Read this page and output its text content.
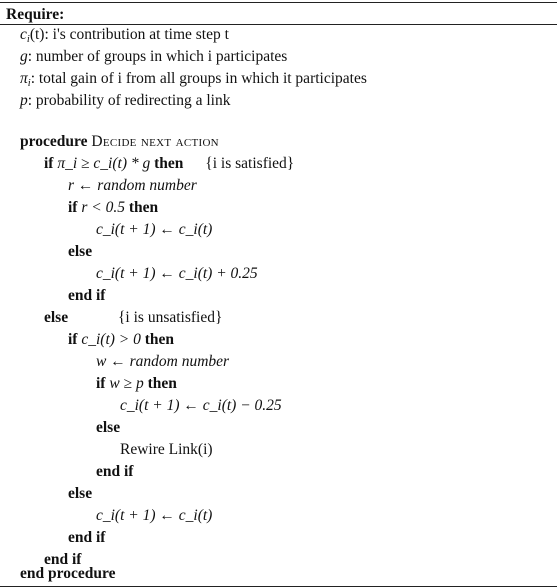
Require:
$c_i(t)$: i's contribution at time step t
g: number of groups in which i participates
$\pi_i$: total gain of i from all groups in which it participates
p: probability of redirecting a link
procedure Decide next action
if π_i ≥ c_i(t) * g then {i is satisfied}
r ← random number
if r < 0.5 then
c_i(t + 1) ← c_i(t)
else
c_i(t + 1) ← c_i(t) + 0.25
end if
else	{i is unsatisfied}
if c_i(t) > 0 then
w ← random number
if w ≥ p then
c_i(t + 1) ← c_i(t) − 0.25
else
Rewire Link(i)
end if
else
c_i(t + 1) ← c_i(t)
end if
end if
end procedure
